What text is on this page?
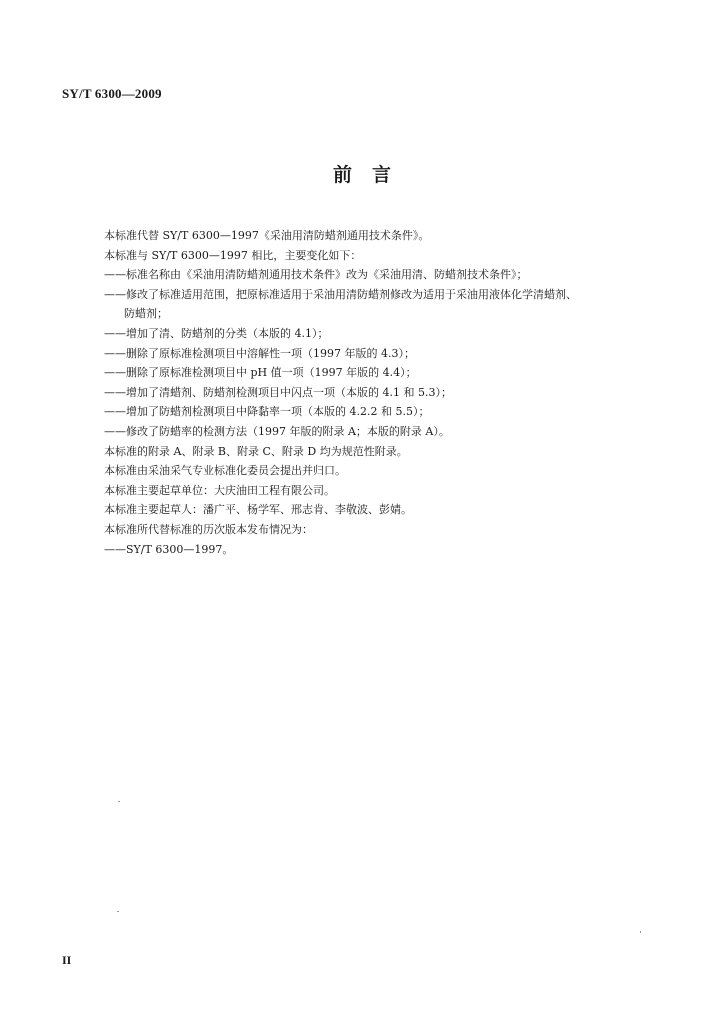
SY/T 6300—2009
前言
本标准代替 SY/T 6300—1997《采油用清防蜡剂通用技术条件》。
本标准与 SY/T 6300—1997 相比，主要变化如下：
——标准名称由《采油用清防蜡剂通用技术条件》改为《采油用清、防蜡剂技术条件》；
——修改了标准适用范围，把原标准适用于采油用清防蜡剂修改为适用于采油用液体化学清蜡剂、
防蜡剂；
——增加了清、防蜡剂的分类（本版的 4.1）；
——删除了原标准检测项目中溶解性一项（1997 年版的 4.3）；
——删除了原标准检测项目中 pH 值一项（1997 年版的 4.4）；
——增加了清蜡剂、防蜡剂检测项目中闪点一项（本版的 4.1 和 5.3）；
——增加了防蜡剂检测项目中降黏率一项（本版的 4.2.2 和 5.5）；
——修改了防蜡率的检测方法（1997 年版的附录 A；本版的附录 A）。
本标准的附录 A、附录 B、附录 C、附录 D 均为规范性附录。
本标准由采油采气专业标准化委员会提出并归口。
本标准主要起草单位：大庆油田工程有限公司。
本标准主要起草人：潘广平、杨学军、邢志肯、李敬波、彭婧。
本标准所代替标准的历次版本发布情况为：
——SY/T 6300—1997。
II
